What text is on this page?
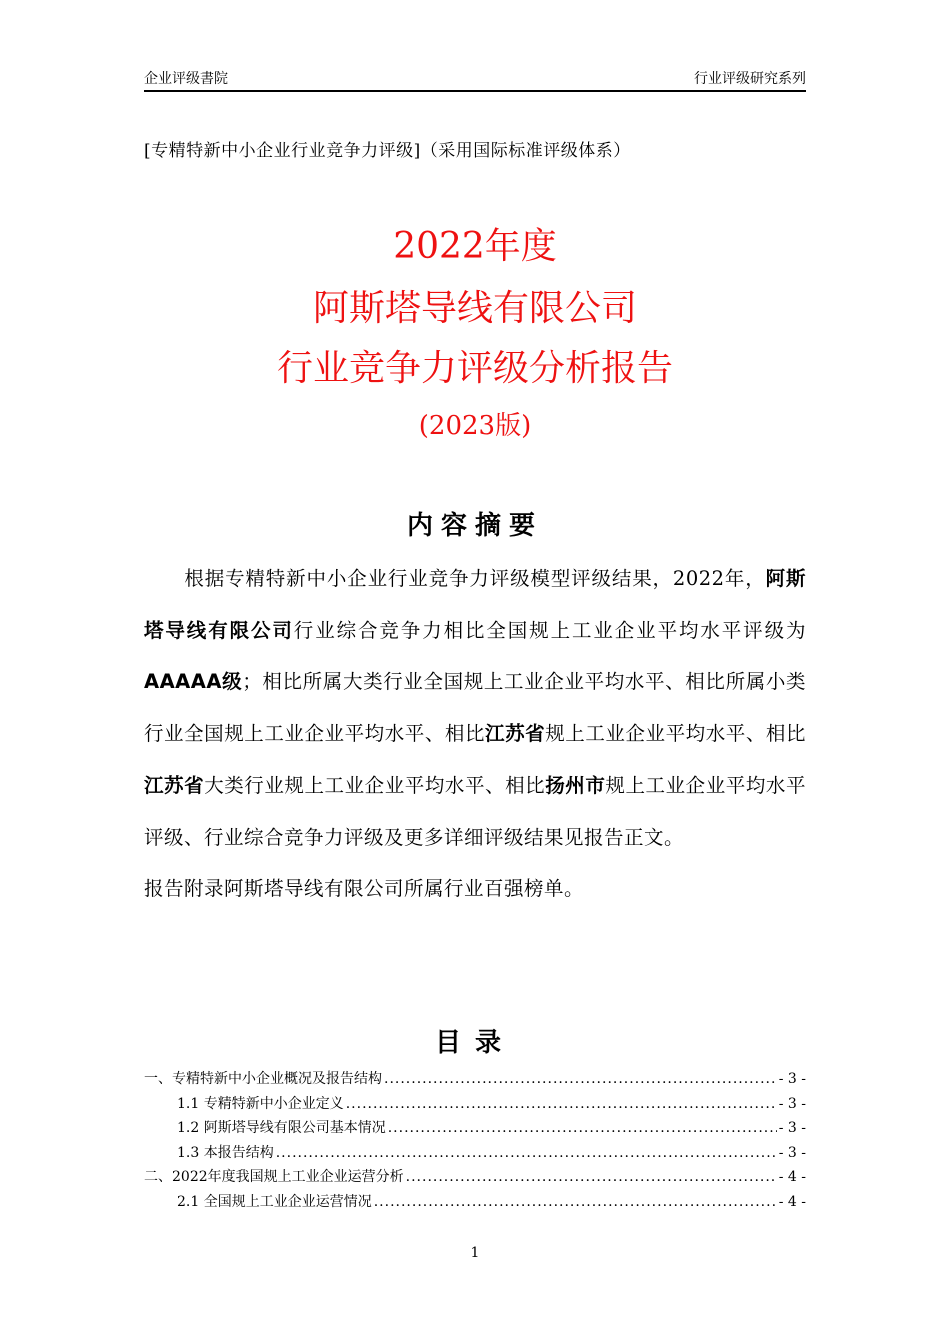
企业评级書院	行业评级研究系列
[专精特新中小企业行业竞争力评级]（采用国际标准评级体系）
2022年度
阿斯塔导线有限公司
行业竞争力评级分析报告
(2023版)
内容摘要
根据专精特新中小企业行业竞争力评级模型评级结果，2022年，阿斯塔导线有限公司行业综合竞争力相比全国规上工业企业平均水平评级为AAAAA级；相比所属大类行业全国规上工业企业平均水平、相比所属小类行业全国规上工业企业平均水平、相比江苏省规上工业企业平均水平、相比江苏省大类行业规上工业企业平均水平、相比扬州市规上工业企业平均水平评级、行业综合竞争力评级及更多详细评级结果见报告正文。
报告附录阿斯塔导线有限公司所属行业百强榜单。
目录
一、专精特新中小企业概况及报告结构 .....	- 3 -
1.1 专精特新中小企业定义 .....	- 3 -
1.2 阿斯塔导线有限公司基本情况 .....	- 3 -
1.3 本报告结构 .....	- 3 -
二、2022年度我国规上工业企业运营分析 .....	- 4 -
2.1 全国规上工业企业运营情况 .....	- 4 -
1
